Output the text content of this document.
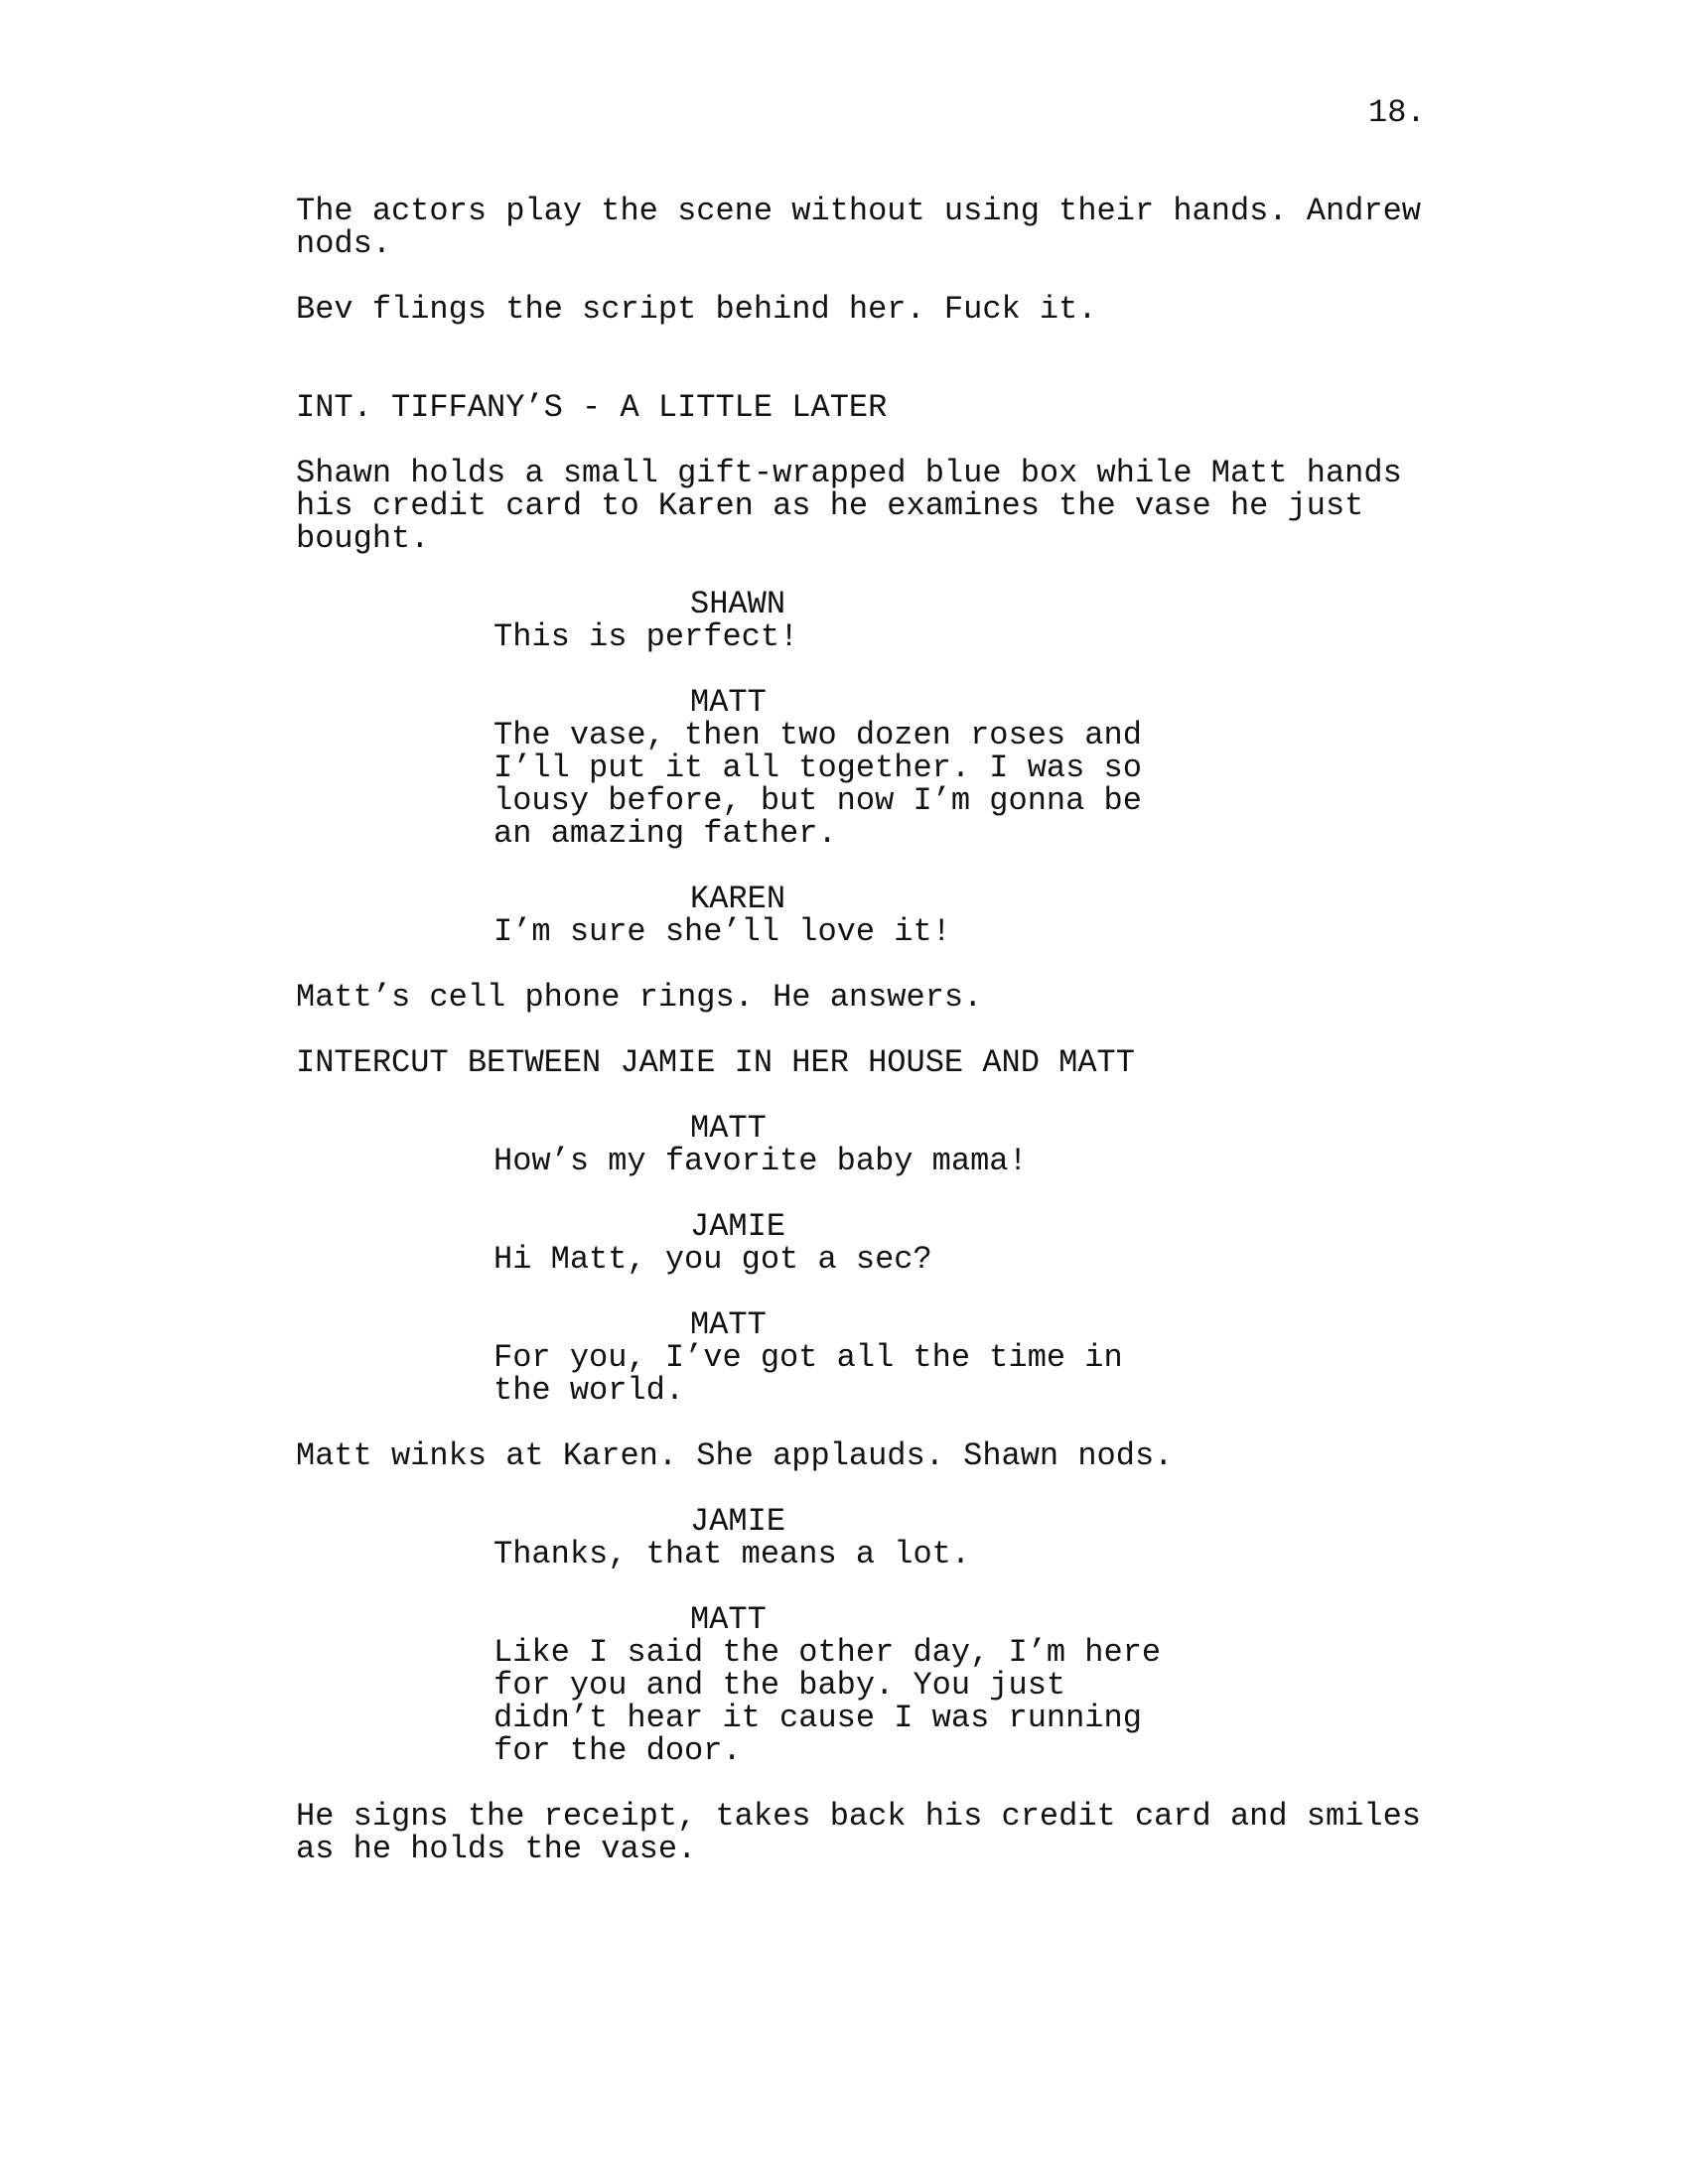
18.
The actors play the scene without using their hands. Andrew
nods.
Bev flings the script behind her. Fuck it.
INT. TIFFANY’S - A LITTLE LATER
Shawn holds a small gift-wrapped blue box while Matt hands
his credit card to Karen as he examines the vase he just
bought.
SHAWN
This is perfect!
MATT
The vase, then two dozen roses and
I’ll put it all together. I was so
lousy before, but now I’m gonna be
an amazing father.
KAREN
I’m sure she’ll love it!
Matt’s cell phone rings. He answers.
INTERCUT BETWEEN JAMIE IN HER HOUSE AND MATT
MATT
How’s my favorite baby mama!
JAMIE
Hi Matt, you got a sec?
MATT
For you, I’ve got all the time in
the world.
Matt winks at Karen. She applauds. Shawn nods.
JAMIE
Thanks, that means a lot.
MATT
Like I said the other day, I’m here
for you and the baby. You just
didn’t hear it cause I was running
for the door.
He signs the receipt, takes back his credit card and smiles
as he holds the vase.
